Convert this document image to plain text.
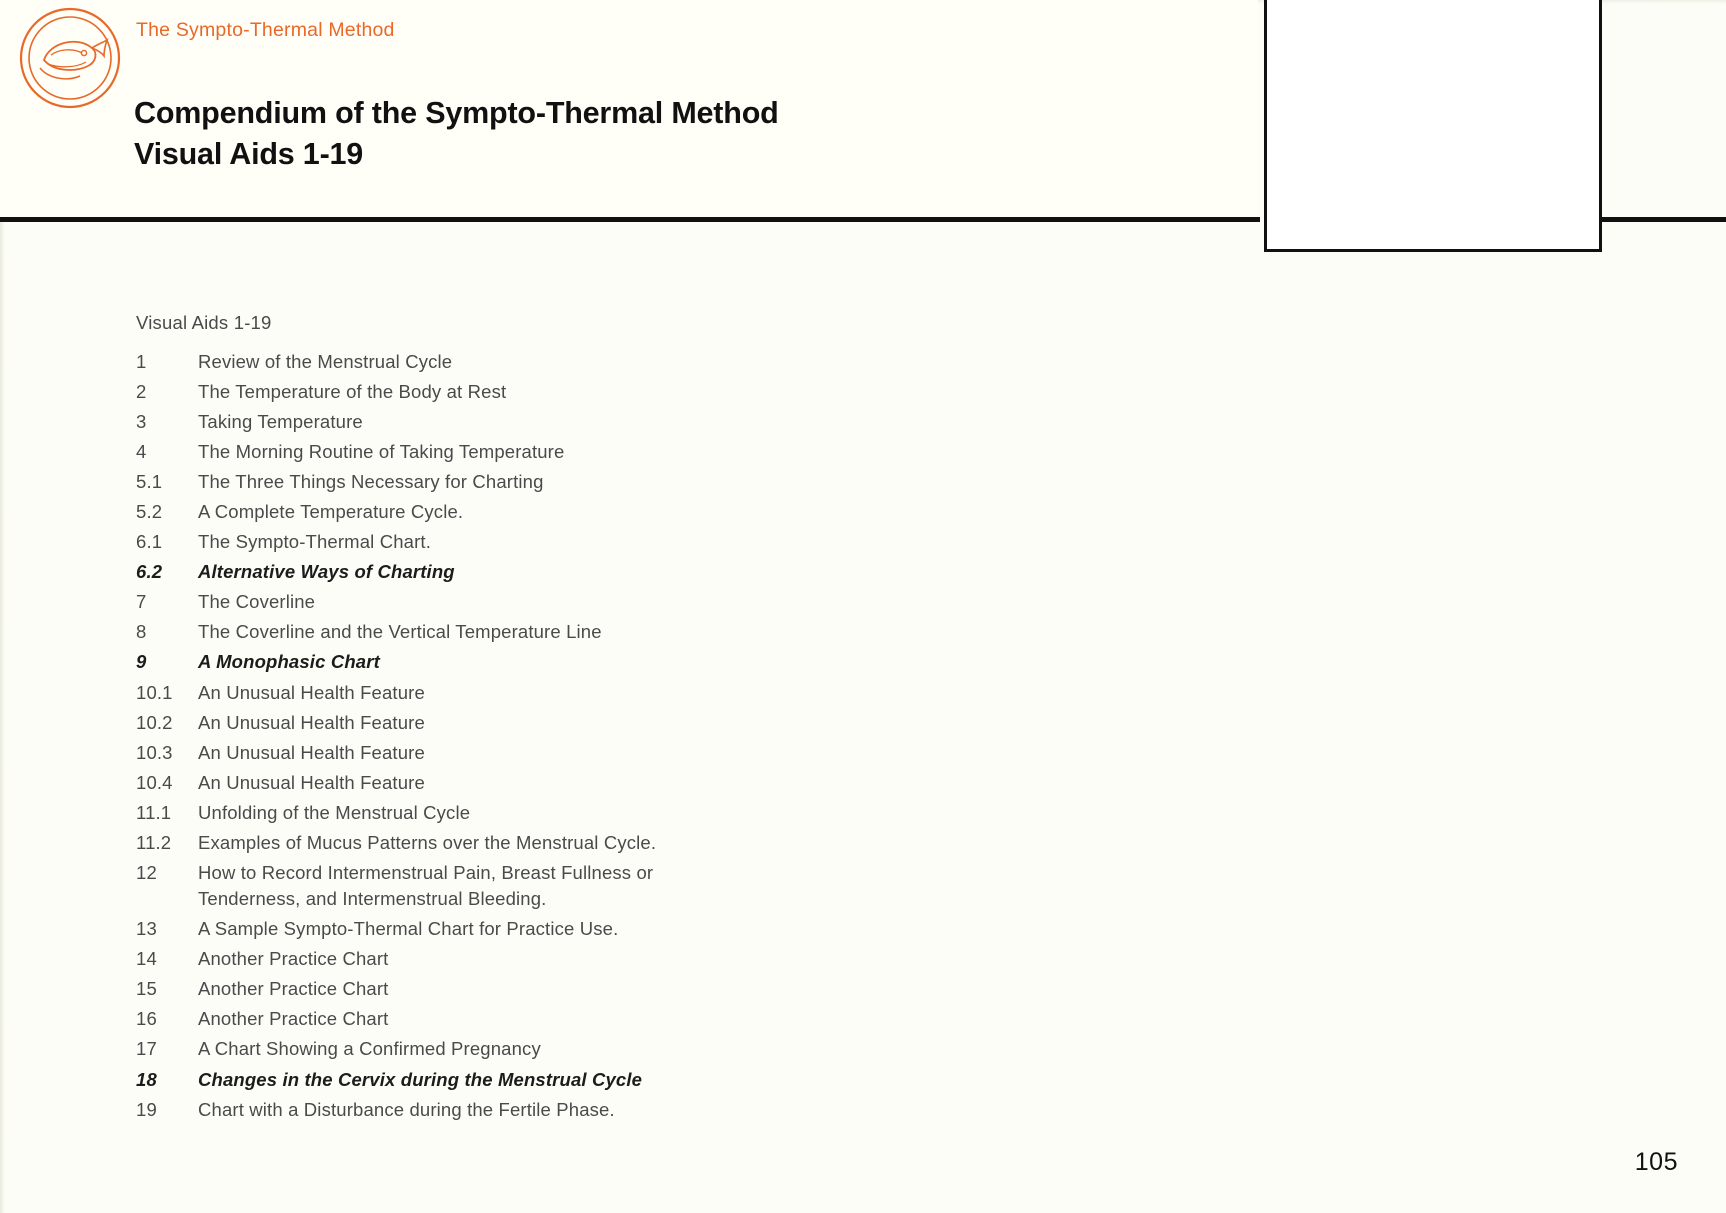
The Sympto-Thermal Method
Compendium of the Sympto-Thermal Method
Visual Aids 1-19
Visual Aids 1-19
1	Review of the Menstrual Cycle
2	The Temperature of the Body at Rest
3	Taking Temperature
4	The Morning Routine of Taking Temperature
5.1	The Three Things Necessary for Charting
5.2	A Complete Temperature Cycle.
6.1	The Sympto-Thermal Chart.
6.2	Alternative Ways of Charting
7	The Coverline
8	The Coverline and the Vertical Temperature Line
9	A Monophasic Chart
10.1	An Unusual Health Feature
10.2	An Unusual Health Feature
10.3	An Unusual Health Feature
10.4	An Unusual Health Feature
11.1	Unfolding of the Menstrual Cycle
11.2	Examples of Mucus Patterns over the Menstrual Cycle.
12	How to Record Intermenstrual Pain, Breast Fullness or
Tenderness, and Intermenstrual Bleeding.
13	A Sample Sympto-Thermal Chart for Practice Use.
14	Another Practice Chart
15	Another Practice Chart
16	Another Practice Chart
17	A Chart Showing a Confirmed Pregnancy
18	Changes in the Cervix during the Menstrual Cycle
19	Chart with a Disturbance during the Fertile Phase.
105
